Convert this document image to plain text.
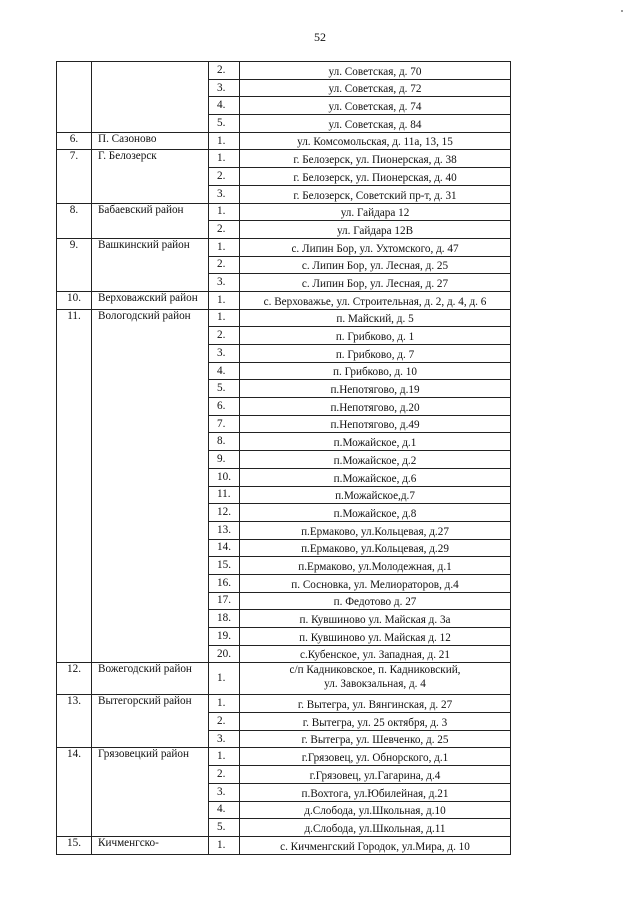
52
		2.	ул. Советская, д. 70
		3.	ул. Советская, д. 72
		4.	ул. Советская, д. 74
		5.	ул. Советская, д. 84
6.	П. Сазоново	1.	ул. Комсомольская, д. 11а, 13, 15
7.	Г. Белозерск	1.	г. Белозерск, ул. Пионерская, д. 38
		2.	г. Белозерск, ул. Пионерская, д. 40
		3.	г. Белозерск, Советский пр-т, д. 31
8.	Бабаевский район	1.	ул. Гайдара 12
		2.	ул. Гайдара 12В
9.	Вашкинский район	1.	с. Липин Бор, ул. Ухтомского, д. 47
		2.	с. Липин Бор, ул. Лесная, д. 25
		3.	с. Липин Бор, ул. Лесная, д. 27
10.	Верховажский район	1.	с. Верховажье, ул. Строительная, д. 2, д. 4, д. 6
11.	Вологодский район	1.	п. Майский, д. 5
		2.	п. Грибково, д. 1
		3.	п. Грибково, д. 7
		4.	п. Грибково, д. 10
		5.	п.Непотягово, д.19
		6.	п.Непотягово, д.20
		7.	п.Непотягово, д.49
		8.	п.Можайское, д.1
		9.	п.Можайское, д.2
		10.	п.Можайское, д.6
		11.	п.Можайское,д.7
		12.	п.Можайское, д.8
		13.	п.Ермаково, ул.Кольцевая, д.27
		14.	п.Ермаково, ул.Кольцевая, д.29
		15.	п.Ермаково, ул.Молодежная, д.1
		16.	п. Сосновка, ул. Мелиораторов, д.4
		17.	п. Федотово д. 27
		18.	п. Кувшиново ул. Майская д. 3а
		19.	п. Кувшиново ул. Майская д. 12
		20.	с.Кубенское, ул. Западная, д. 21
12.	Вожегодский район	1.	с/п Кадниковское, п. Кадниковский,
ул. Завокзальная, д. 4

13.	Вытегорский район	1.	г. Вытегра, ул. Вянгинская, д. 27
		2.	г. Вытегра, ул. 25 октября, д. 3
		3.	г. Вытегра, ул. Шевченко, д. 25
14.	Грязовецкий район	1.	г.Грязовец, ул. Обнорского, д.1
		2.	г.Грязовец, ул.Гагарина, д.4
		3.	п.Вохтога, ул.Юбилейная, д.21
		4.	д.Слобода, ул.Школьная, д.10
		5.	д.Слобода, ул.Школьная, д.11
15.	Кичменгско-	1.	с. Кичменгский Городок, ул.Мира, д. 10
